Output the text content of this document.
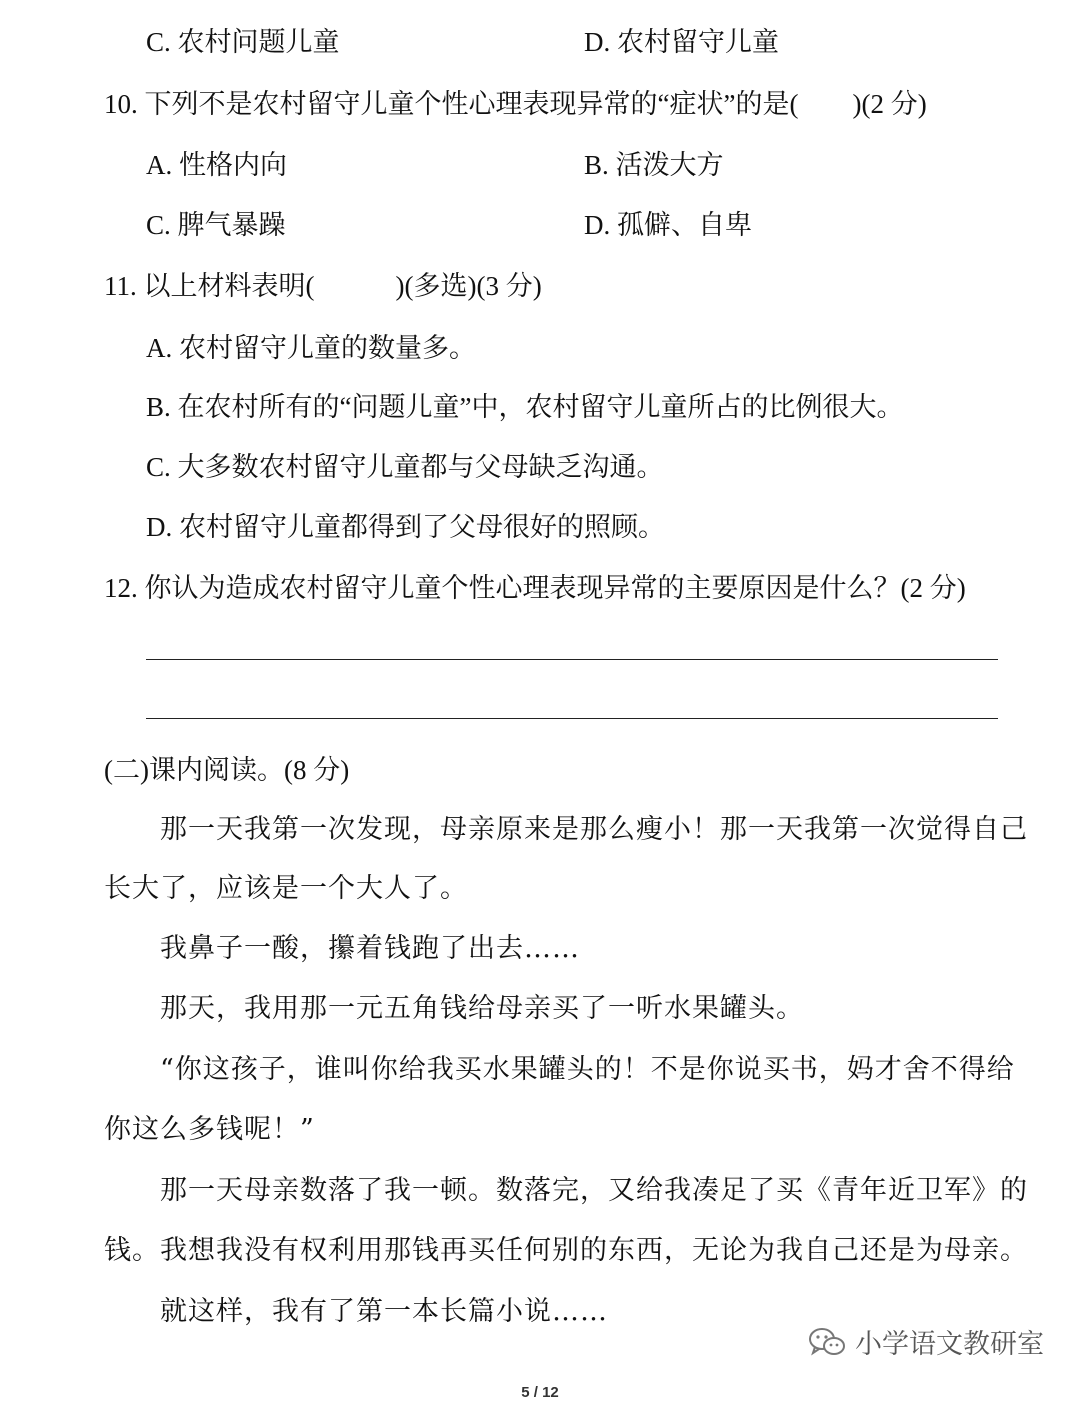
C. 农村问题儿童	D. 农村留守儿童
10. 下列不是农村留守儿童个性心理表现异常的“症状”的是(　　)(2 分)
A. 性格内向	B. 活泼大方
C. 脾气暴躁	D. 孤僻、自卑
11. 以上材料表明(　　　)(多选)(3 分)
A. 农村留守儿童的数量多。
B. 在农村所有的“问题儿童”中，农村留守儿童所占的比例很大。
C. 大多数农村留守儿童都与父母缺乏沟通。
D. 农村留守儿童都得到了父母很好的照顾。
12. 你认为造成农村留守儿童个性心理表现异常的主要原因是什么？(2 分)
(二)课内阅读。(8 分)
那一天我第一次发现，母亲原来是那么瘦小！那一天我第一次觉得自己
长大了，应该是一个大人了。
我鼻子一酸，攥着钱跑了出去……
那天，我用那一元五角钱给母亲买了一听水果罐头。
“你这孩子，谁叫你给我买水果罐头的！不是你说买书，妈才舍不得给
你这么多钱呢！”
那一天母亲数落了我一顿。数落完，又给我凑足了买《青年近卫军》的
钱。我想我没有权利用那钱再买任何别的东西，无论为我自己还是为母亲。
就这样，我有了第一本长篇小说……
小学语文教研室
5 / 12
